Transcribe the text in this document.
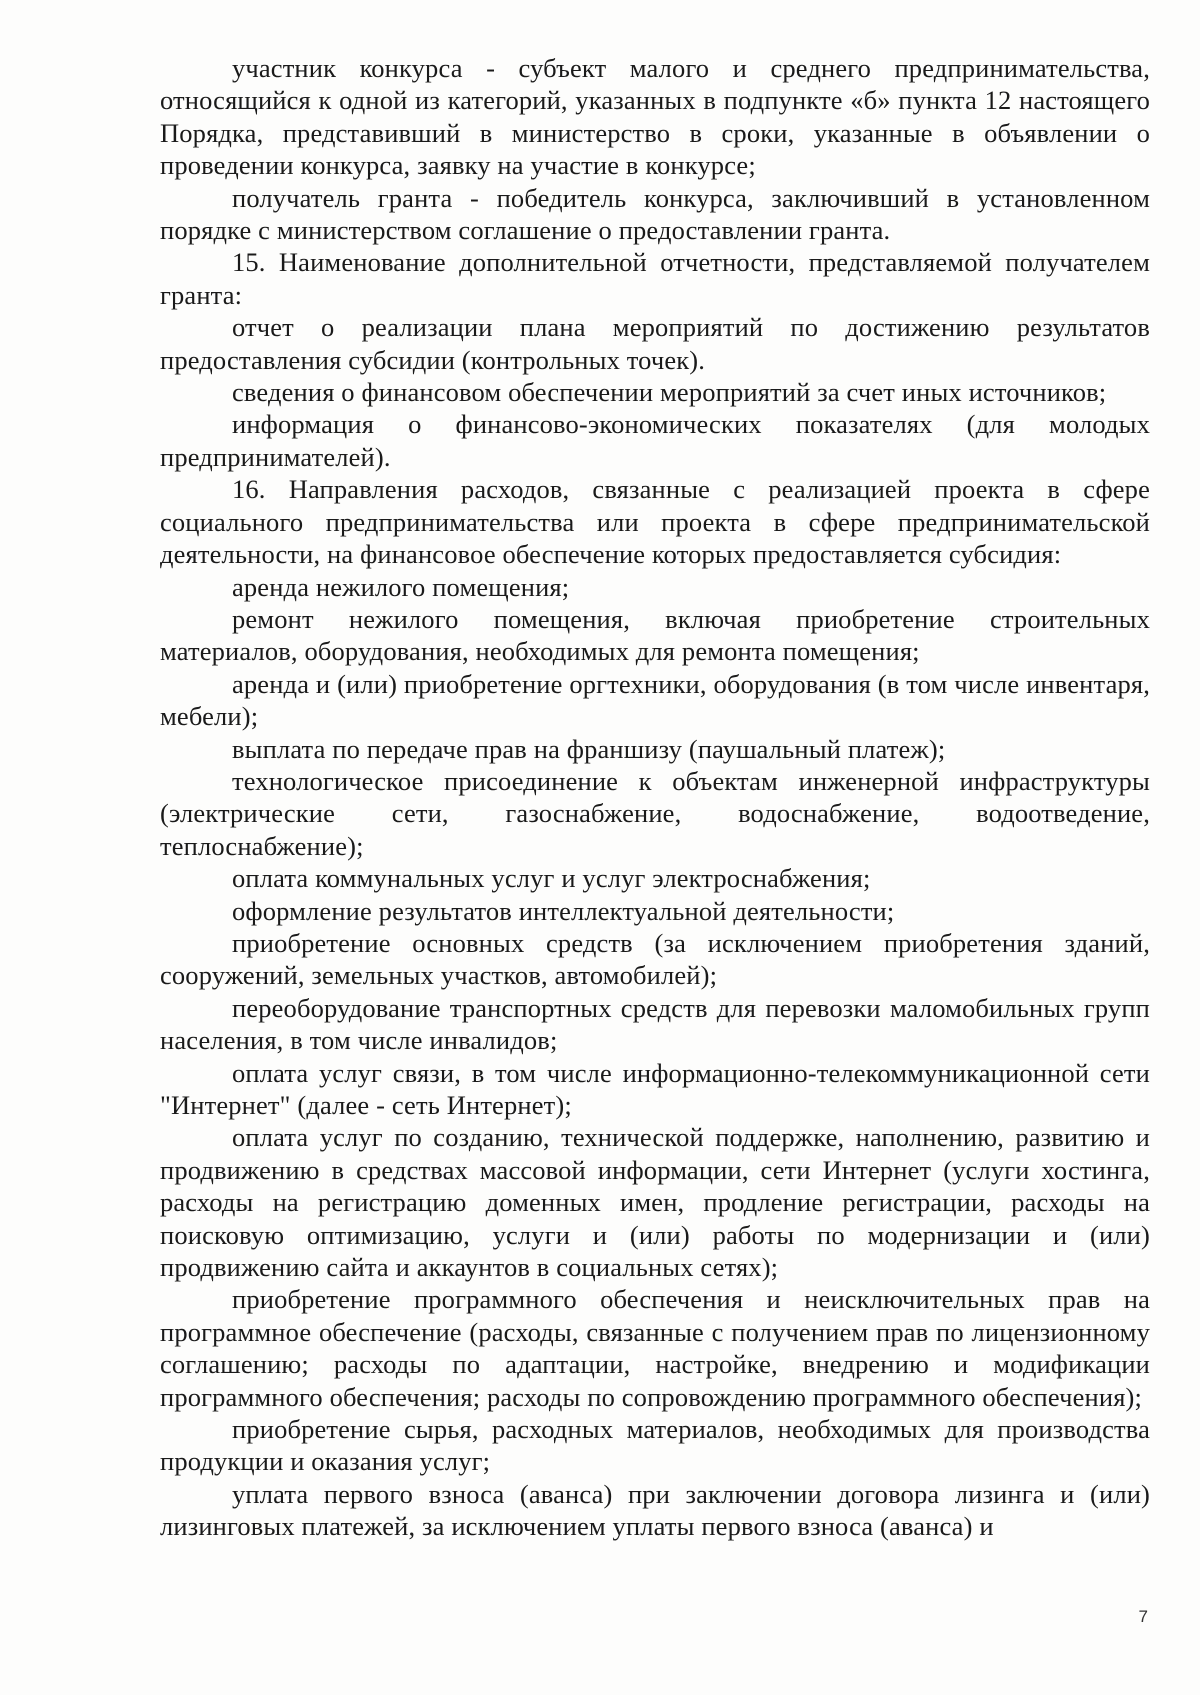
участник конкурса - субъект малого и среднего предпринимательства, относящийся к одной из категорий, указанных в подпункте «б» пункта 12 настоящего Порядка, представивший в министерство в сроки, указанные в объявлении о проведении конкурса, заявку на участие в конкурсе;

получатель гранта - победитель конкурса, заключивший в установленном порядке с министерством соглашение о предоставлении гранта.

15. Наименование дополнительной отчетности, представляемой получателем гранта:

отчет о реализации плана мероприятий по достижению результатов предоставления субсидии (контрольных точек).

сведения о финансовом обеспечении мероприятий за счет иных источников;

информация о финансово-экономических показателях (для молодых предпринимателей).

16. Направления расходов, связанные с реализацией проекта в сфере социального предпринимательства или проекта в сфере предпринимательской деятельности, на финансовое обеспечение которых предоставляется субсидия:

аренда нежилого помещения;

ремонт нежилого помещения, включая приобретение строительных материалов, оборудования, необходимых для ремонта помещения;

аренда и (или) приобретение оргтехники, оборудования (в том числе инвентаря, мебели);

выплата по передаче прав на франшизу (паушальный платеж);

технологическое присоединение к объектам инженерной инфраструктуры (электрические сети, газоснабжение, водоснабжение, водоотведение, теплоснабжение);

оплата коммунальных услуг и услуг электроснабжения;

оформление результатов интеллектуальной деятельности;

приобретение основных средств (за исключением приобретения зданий, сооружений, земельных участков, автомобилей);

переоборудование транспортных средств для перевозки маломобильных групп населения, в том числе инвалидов;

оплата услуг связи, в том числе информационно-телекоммуникационной сети "Интернет" (далее - сеть Интернет);

оплата услуг по созданию, технической поддержке, наполнению, развитию и продвижению в средствах массовой информации, сети Интернет (услуги хостинга, расходы на регистрацию доменных имен, продление регистрации, расходы на поисковую оптимизацию, услуги и (или) работы по модернизации и (или) продвижению сайта и аккаунтов в социальных сетях);

приобретение программного обеспечения и неисключительных прав на программное обеспечение (расходы, связанные с получением прав по лицензионному соглашению; расходы по адаптации, настройке, внедрению и модификации программного обеспечения; расходы по сопровождению программного обеспечения);

приобретение сырья, расходных материалов, необходимых для производства продукции и оказания услуг;

уплата первого взноса (аванса) при заключении договора лизинга и (или) лизинговых платежей, за исключением уплаты первого взноса (аванса) и

7
